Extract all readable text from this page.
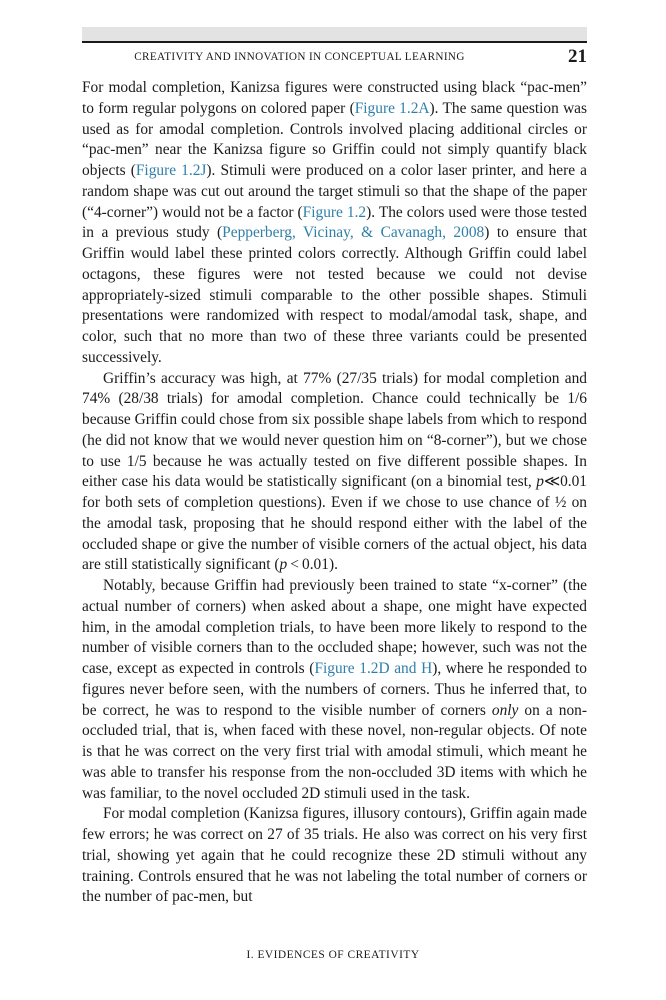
CREATIVITY AND INNOVATION IN CONCEPTUAL LEARNING	21

For modal completion, Kanizsa figures were constructed using black “pac-men” to form regular polygons on colored paper (Figure 1.2A). The same question was used as for amodal completion. Controls involved placing additional circles or “pac-men” near the Kanizsa figure so Griffin could not simply quantify black objects (Figure 1.2J). Stimuli were produced on a color laser printer, and here a random shape was cut out around the target stimuli so that the shape of the paper (“4-corner”) would not be a factor (Figure 1.2). The colors used were those tested in a previous study (Pepperberg, Vicinay, & Cavanagh, 2008) to ensure that Griffin would label these printed colors correctly. Although Griffin could label octagons, these figures were not tested because we could not devise appropriately-sized stimuli comparable to the other possible shapes. Stimuli presentations were randomized with respect to modal/amodal task, shape, and color, such that no more than two of these three variants could be presented successively.

Griffin’s accuracy was high, at 77% (27/35 trials) for modal completion and 74% (28/38 trials) for amodal completion. Chance could technically be 1/6 because Griffin could chose from six possible shape labels from which to respond (he did not know that we would never question him on “8-corner”), but we chose to use 1/5 because he was actually tested on five different possible shapes. In either case his data would be statistically significant (on a binomial test, p≪0.01 for both sets of completion questions). Even if we chose to use chance of ½ on the amodal task, proposing that he should respond either with the label of the occluded shape or give the number of visible corners of the actual object, his data are still statistically significant (p < 0.01).

Notably, because Griffin had previously been trained to state “x-corner” (the actual number of corners) when asked about a shape, one might have expected him, in the amodal completion trials, to have been more likely to respond to the number of visible corners than to the occluded shape; however, such was not the case, except as expected in controls (Figure 1.2D and H), where he responded to figures never before seen, with the numbers of corners. Thus he inferred that, to be correct, he was to respond to the visible number of corners only on a non-occluded trial, that is, when faced with these novel, non-regular objects. Of note is that he was correct on the very first trial with amodal stimuli, which meant he was able to transfer his response from the non-occluded 3D items with which he was familiar, to the novel occluded 2D stimuli used in the task.

For modal completion (Kanizsa figures, illusory contours), Griffin again made few errors; he was correct on 27 of 35 trials. He also was correct on his very first trial, showing yet again that he could recognize these 2D stimuli without any training. Controls ensured that he was not labeling the total number of corners or the number of pac-men, but

I. EVIDENCES OF CREATIVITY
